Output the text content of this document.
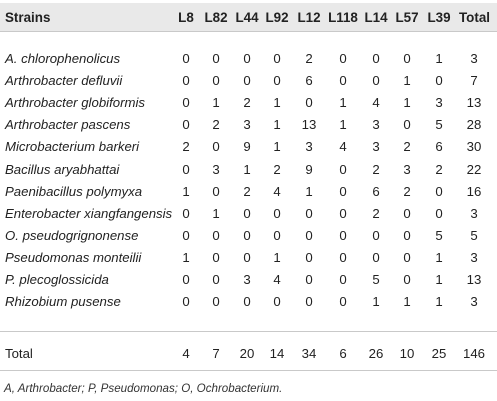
Strains	L8 L82 L44 L92 L12 L118 L14 L57 L39 Total
A. chlorophenolicus	0	0	0	0	2	0	0	0	1	3
Arthrobacter defluvii	0	0	0	0	6	0	0	1	0	7
Arthrobacter globiformis	0	1	2	1	0	1	4	1	3	13
Arthrobacter pascens	0	2	3	1	13	1	3	0	5	28
Microbacterium barkeri	2	0	9	1	3	4	3	2	6	30
Bacillus aryabhattai	0	3	1	2	9	0	2	3	2	22
Paenibacillus polymyxa	1	0	2	4	1	0	6	2	0	16
Enterobacter xiangfangensis 0	1	0	0	0	0	2	0	0	3
O. pseudogrignonense	0	0	0	0	0	0	0	0	5	5
Pseudomonas monteilii	1	0	0	1	0	0	0	0	1	3
P. plecoglossicida	0	0	3	4	0	0	5	0	1	13
Rhizobium pusense	0	0	0	0	0	0	1	1	1	3
Total	4	7	20	14	34	6	26	10	25	146
A, Arthrobacter; P, Pseudomonas; O, Ochrobacterium.
